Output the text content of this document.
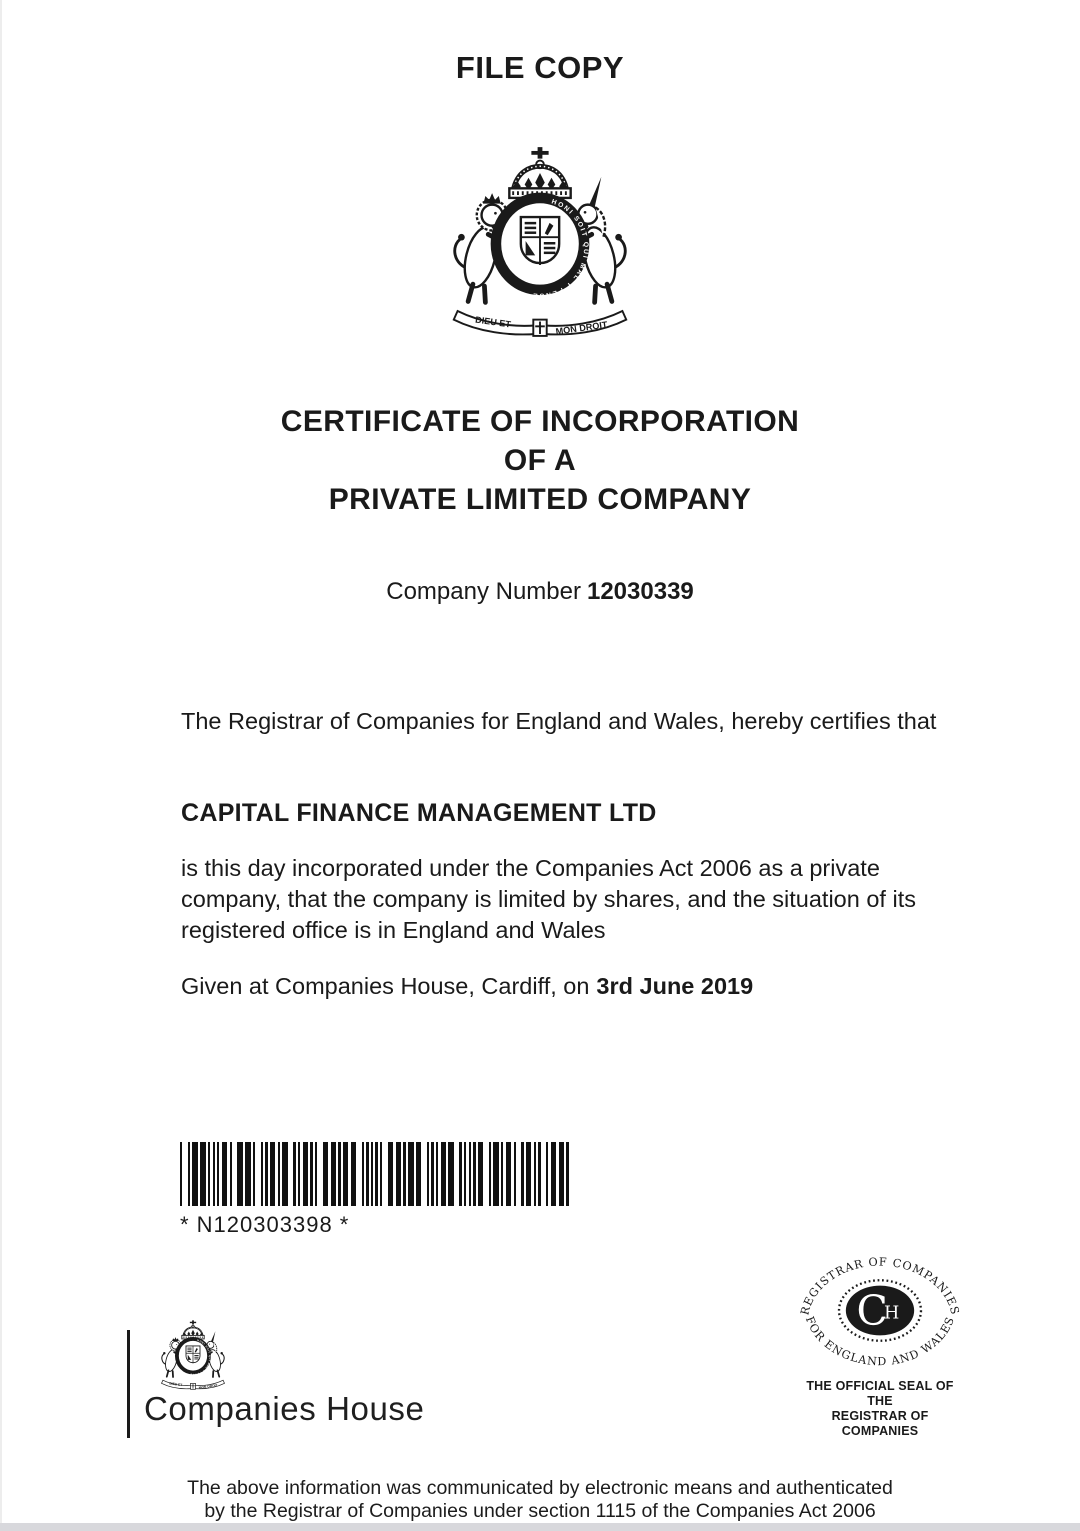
FILE COPY
HONI SOIT QUI MAL Y PENSE
DIEU ET	MON DROIT
CERTIFICATE OF INCORPORATION
OF A
PRIVATE LIMITED COMPANY
Company Number 12030339
The Registrar of Companies for England and Wales, hereby certifies that
CAPITAL FINANCE MANAGEMENT LTD
is this day incorporated under the Companies Act 2006 as a private company, that the company is limited by shares, and the situation of its registered office is in England and Wales
Given at Companies House, Cardiff, on 3rd June 2019
* N120303398 *
Companies House
REGISTRAR OF COMPANIES
FOR ENGLAND AND WALES
C
H
THE OFFICIAL SEAL OF THE
REGISTRAR OF COMPANIES
The above information was communicated by electronic means and authenticated
by the Registrar of Companies under section 1115 of the Companies Act 2006
